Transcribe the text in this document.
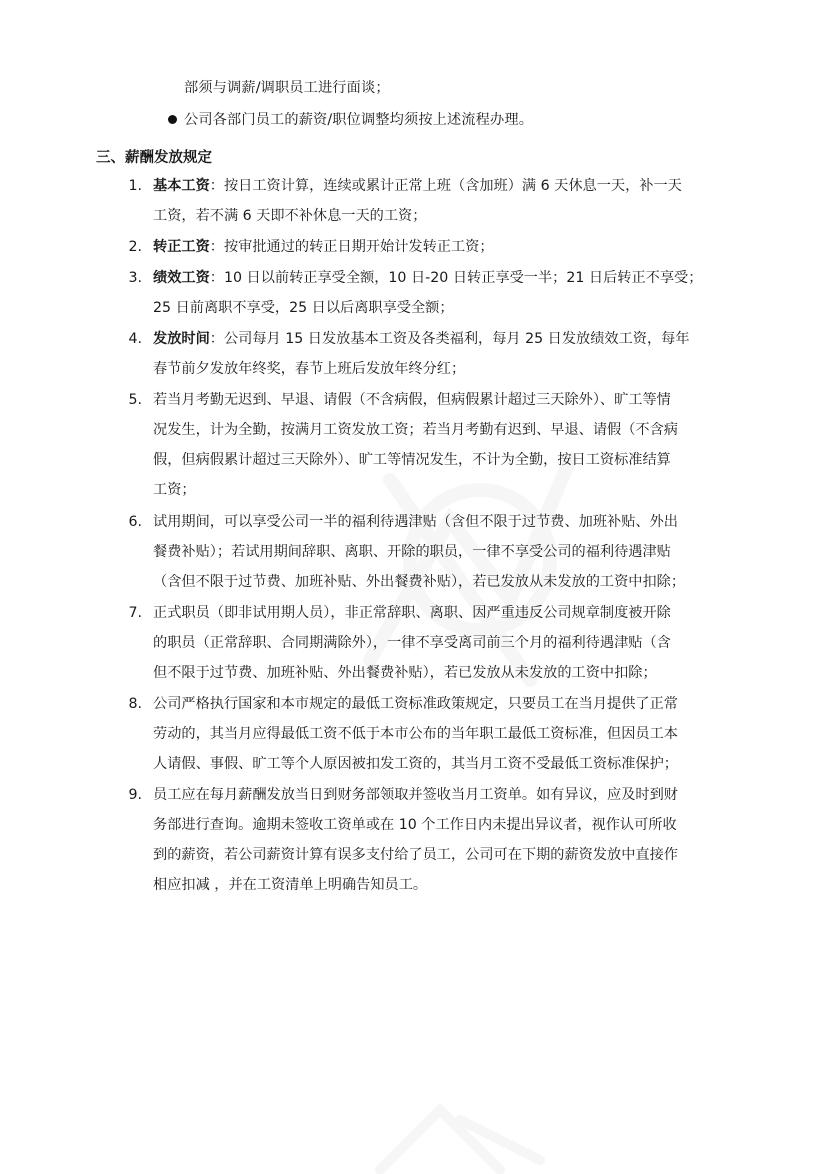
部须与调薪/调职员工进行面谈；
公司各部门员工的薪资/职位调整均须按上述流程办理。
三、薪酬发放规定
1. 基本工资：按日工资计算，连续或累计正常上班（含加班）满 6 天休息一天，补一天
工资，若不满 6 天即不补休息一天的工资；
2. 转正工资：按审批通过的转正日期开始计发转正工资；
3. 绩效工资：10 日以前转正享受全额，10 日-20 日转正享受一半；21 日后转正不享受；
25 日前离职不享受，25 日以后离职享受全额；
4. 发放时间：公司每月 15 日发放基本工资及各类福利，每月 25 日发放绩效工资，每年
春节前夕发放年终奖，春节上班后发放年终分红；
5. 若当月考勤无迟到、早退、请假（不含病假，但病假累计超过三天除外）、旷工等情
况发生，计为全勤，按满月工资发放工资；若当月考勤有迟到、早退、请假（不含病
假，但病假累计超过三天除外）、旷工等情况发生，不计为全勤，按日工资标准结算
工资；
6. 试用期间，可以享受公司一半的福利待遇津贴（含但不限于过节费、加班补贴、外出
餐费补贴）；若试用期间辞职、离职、开除的职员，一律不享受公司的福利待遇津贴
（含但不限于过节费、加班补贴、外出餐费补贴），若已发放从未发放的工资中扣除；
7. 正式职员（即非试用期人员），非正常辞职、离职、因严重违反公司规章制度被开除
的职员（正常辞职、合同期满除外），一律不享受离司前三个月的福利待遇津贴（含
但不限于过节费、加班补贴、外出餐费补贴），若已发放从未发放的工资中扣除；
8. 公司严格执行国家和本市规定的最低工资标准政策规定，只要员工在当月提供了正常
劳动的，其当月应得最低工资不低于本市公布的当年职工最低工资标准，但因员工本
人请假、事假、旷工等个人原因被扣发工资的，其当月工资不受最低工资标准保护；
9. 员工应在每月薪酬发放当日到财务部领取并签收当月工资单。如有异议，应及时到财
务部进行查询。逾期未签收工资单或在 10 个工作日内未提出异议者，视作认可所收
到的薪资，若公司薪资计算有误多支付给了员工，公司可在下期的薪资发放中直接作
相应扣减 ，并在工资清单上明确告知员工。
